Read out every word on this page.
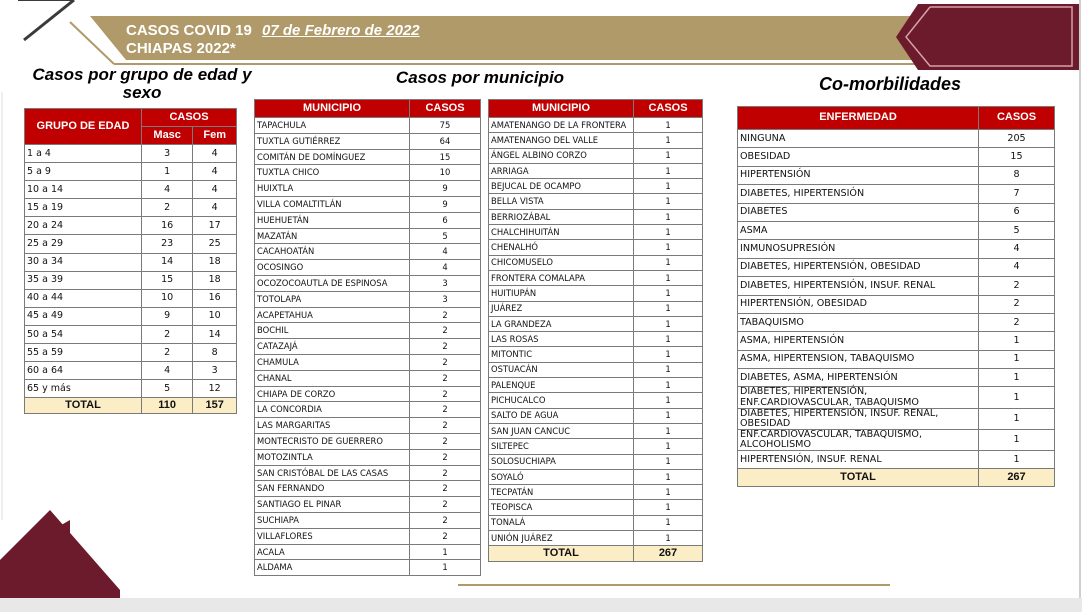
CASOS COVID 19 07 de Febrero de 2022
CHIAPAS 2022*
Casos por grupo de edad y sexo
Casos por municipio	Co-morbilidades
GRUPO DE EDAD	CASOS	
	Masc	Fem
1 a 4	3	4
5 a 9	1	4
10 a 14	4	4
15 a 19	2	4
20 a 24	16	17
25 a 29	23	25
30 a 34	14	18
35 a 39	15	18
40 a 44	10	16
45 a 49	9	10
50 a 54	2	14
55 a 59	2	8
60 a 64	4	3
65 y más	5	12
TOTAL	110	157
MUNICIPIO	CASOS
TAPACHULA	75
TUXTLA GUTIÉRREZ	64
COMITÁN DE DOMÍNGUEZ	15
TUXTLA CHICO	10
HUIXTLA	9
VILLA COMALTITLÁN	9
HUEHUETÁN	6
MAZATÁN	5
CACAHOATÁN	4
OCOSINGO	4
OCOZOCOAUTLA DE ESPINOSA	3
TOTOLAPA	3
ACAPETAHUA	2
BOCHIL	2
CATAZAJÁ	2
CHAMULA	2
CHANAL	2
CHIAPA DE CORZO	2
LA CONCORDIA	2
LAS MARGARITAS	2
MONTECRISTO DE GUERRERO	2
MOTOZINTLA	2
SAN CRISTÓBAL DE LAS CASAS	2
SAN FERNANDO	2
SANTIAGO EL PINAR	2
SUCHIAPA	2
VILLAFLORES	2
ACALA	1
ALDAMA	1
MUNICIPIO	CASOS
AMATENANGO DE LA FRONTERA	1
AMATENANGO DEL VALLE	1
ÁNGEL ALBINO CORZO	1
ARRIAGA	1
BEJUCAL DE OCAMPO	1
BELLA VISTA	1
BERRIOZÁBAL	1
CHALCHIHUITÁN	1
CHENALHÓ	1
CHICOMUSELO	1
FRONTERA COMALAPA	1
HUITIUPÁN	1
JUÁREZ	1
LA GRANDEZA	1
LAS ROSAS	1
MITONTIC	1
OSTUACÁN	1
PALENQUE	1
PICHUCALCO	1
SALTO DE AGUA	1
SAN JUAN CANCUC	1
SILTEPEC	1
SOLOSUCHIAPA	1
SOYALÓ	1
TECPATÁN	1
TEOPISCA	1
TONALÁ	1
UNIÓN JUÁREZ	1
TOTAL	267
ENFERMEDAD	CASOS
NINGUNA	205
OBESIDAD	15
HIPERTENSIÓN	8
DIABETES, HIPERTENSIÓN	7
DIABETES	6
ASMA	5
INMUNOSUPRESIÓN	4
DIABETES, HIPERTENSIÓN, OBESIDAD	4
DIABETES, HIPERTENSIÓN, INSUF. RENAL	2
HIPERTENSIÓN, OBESIDAD	2
TABAQUISMO	2
ASMA, HIPERTENSIÓN	1
ASMA, HIPERTENSION, TABAQUISMO	1
DIABETES, ASMA, HIPERTENSIÓN	1
DIABETES, HIPERTENSIÓN, ENF.CARDIOVASCULAR, TABAQUISMO	1
DIABETES, HIPERTENSIÓN, INSUF. RENAL, OBESIDAD	1
ENF.CARDIOVASCULAR, TABAQUISMO, ALCOHOLISMO	1
HIPERTENSIÓN, INSUF. RENAL	1
TOTAL	267
